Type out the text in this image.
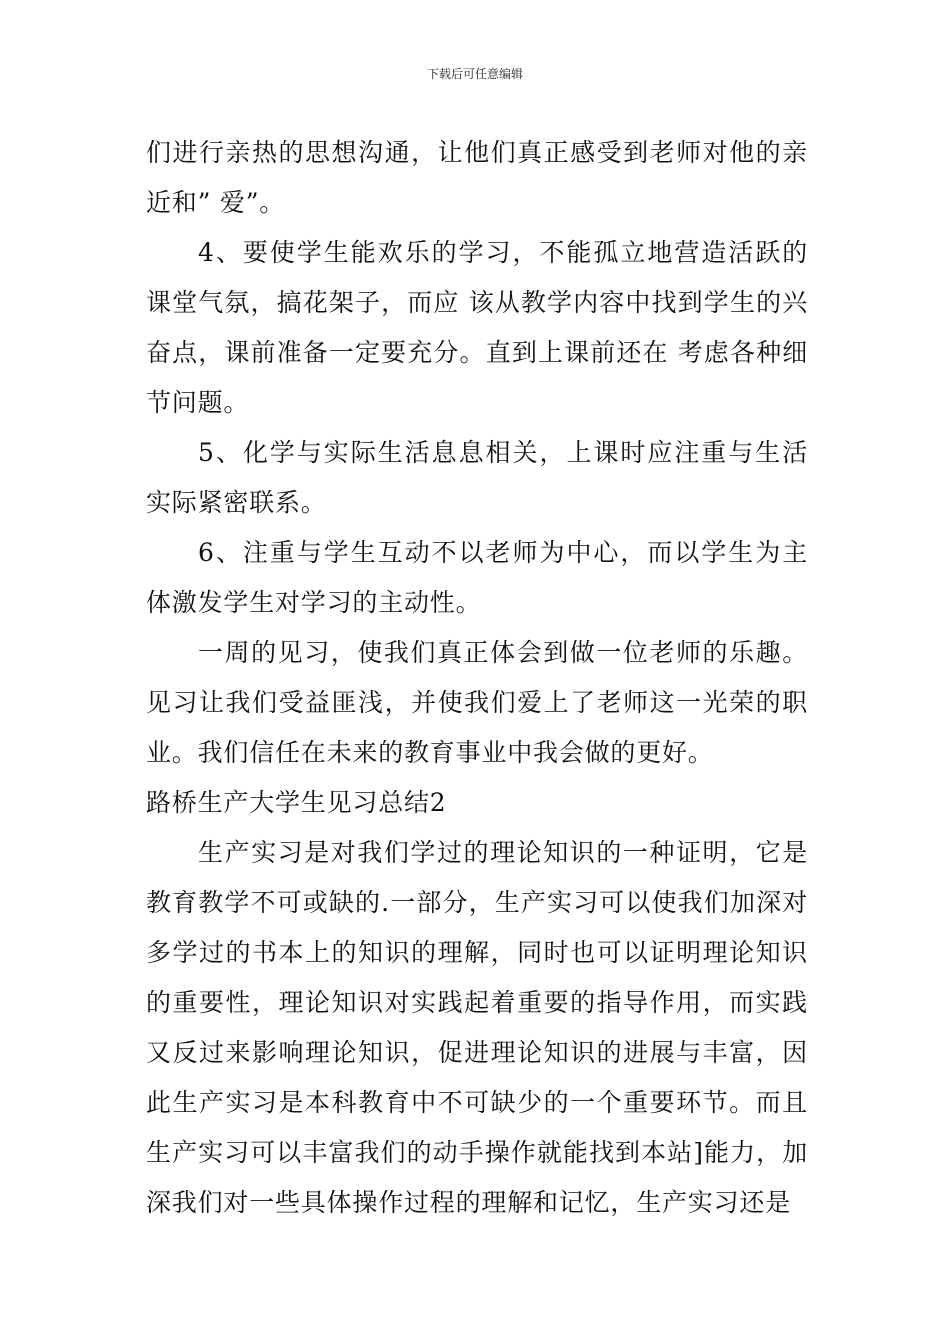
下载后可任意编辑

们进行亲热的思想沟通，让他们真正感受到老师对他的亲近和” 爱”。

4、要使学生能欢乐的学习，不能孤立地营造活跃的课堂气氛，搞花架子，而应 该从教学内容中找到学生的兴奋点，课前准备一定要充分。直到上课前还在 考虑各种细节问题。

5、化学与实际生活息息相关，上课时应注重与生活实际紧密联系。

6、注重与学生互动不以老师为中心，而以学生为主体激发学生对学习的主动性。

一周的见习，使我们真正体会到做一位老师的乐趣。见习让我们受益匪浅，并使我们爱上了老师这一光荣的职业。我们信任在未来的教育事业中我会做的更好。

路桥生产大学生见习总结2

生产实习是对我们学过的理论知识的一种证明，它是教育教学不可或缺的.一部分，生产实习可以使我们加深对多学过的书本上的知识的理解，同时也可以证明理论知识的重要性，理论知识对实践起着重要的指导作用，而实践又反过来影响理论知识，促进理论知识的进展与丰富，因此生产实习是本科教育中不可缺少的一个重要环节。而且生产实习可以丰富我们的动手操作就能找到本站]能力，加深我们对一些具体操作过程的理解和记忆，生产实习还是
